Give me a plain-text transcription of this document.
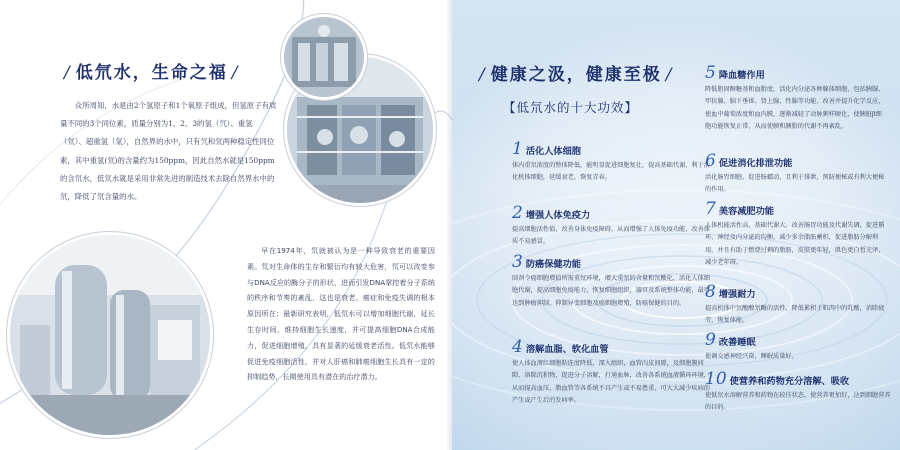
/ 低氘水，生命之福 /

众所周知，水是由2个氢原子和1个氧原子组成，但氢原子有质量不同的3个同位素，质量分别为1、2、3的氢（氕）、重氢（氘）、超重氢（氚），自然界的水中，只有氕和氘两种稳定性同位素，其中重氢(氘)的含量约为150ppm，因此自然水就是150ppm的含氘水，低氘水就是采用非常先进的制造技术去除自然界水中的氘，降低了氘含量的水。

早在1974年，氘就被认为是一种导致衰老的重要因素。氘对生命体的生存和繁衍均有较大危害，氘可以改变参与DNA反应的酶分子的形状，进而引发DNA掌控着分子系统的秩序和节奏的紊乱，这也是衰老、癌症和免疫失调的根本原因所在；最新研究表明，低氘水可以增加细胞代谢，延长生存时间，维持细胞生长速度，并可提高细胞DNA合成能力，促进细胞增殖，具有显著的延缓衰老活性。低氘水能够促进免疫细胞活性，并对人肝癌和肺癌细胞生长具有一定的抑制趋势，长期使用具有潜在的治疗潜力。

/ 健康之汲，健康至极 /
【低氘水的十大功效】
1 活化人体细胞
体内重氘浓度的整体降低，能明显促进细胞复壮，提高基础代谢，利于活化机体细胞，延缓衰老，恢复青春。
2 增强人体免疫力
提高细胞活性值，改善身体免疫障碍，从而增强了人体免疫功能，改善体质不易感冒。
3 防癌保健功能
回剂令癌细胞增值所需重氘环境，增大重氘的含量和氘酸化，活化人体细胞代谢，提高细胞免疫能力，恢复细胞组织，器官及系统整体功能，最可达到肿瘤抑制、抑制异变细胞及癌细胞增殖，防癌保健的目的。
4 溶解血脂、软化血管
使人体血液红细胞粘连度降低，深入组织，血管内皮间隙，及细胞膜间隙，溶除沉积物，促进分子溶解，打通血脉，改善各系统血液循环环境，从而提高血压，脂血管等各系统不具产生或不易患重，可大大减少疾病的产生或产生后的发病率。
5 降血糖作用
降低胆固醇糖基和血脂度，活化内分泌各种腺体细胞，包括胰腺、甲状腺、脑下垂体、肾上腺、性腺等功能，改善并提升化学反应，使血中葡萄浓度和血内膜，逐渐减轻了动脉粥样硬化，使胰脏β细胞功能恢复正常，从而使胰和胰脂的代谢不再紊乱。
6 促进消化排泄功能
活化肠胃细胞，促进肠蠕动，且利于排泄，预防便秘或有利大便秘的作用。
7 美容减肥功能
人体机能活性高，基础代谢大，改善肠胃功能及代谢失调，促进循环、神经及内分泌的均衡，减少多余脂肪蓄积，促进脂肪分解利用，并且有助于燃烧过剩的脂肪，皮肤更年轻，肌色更白皙光泽，减少老年斑。
8 增强耐力
提高机体中氘酸酸氘酶的活性，降低累积于肌肉中的乳酸，消除疲劳，恢复体能。
9 改善睡眠
使调交感神经兴奋，睡眠质量好。
10 使营养和药物充分溶解、吸收
使低氘水溶解营养和药物在较佳状态，使营养更加好，达到细胞营养的目的。
